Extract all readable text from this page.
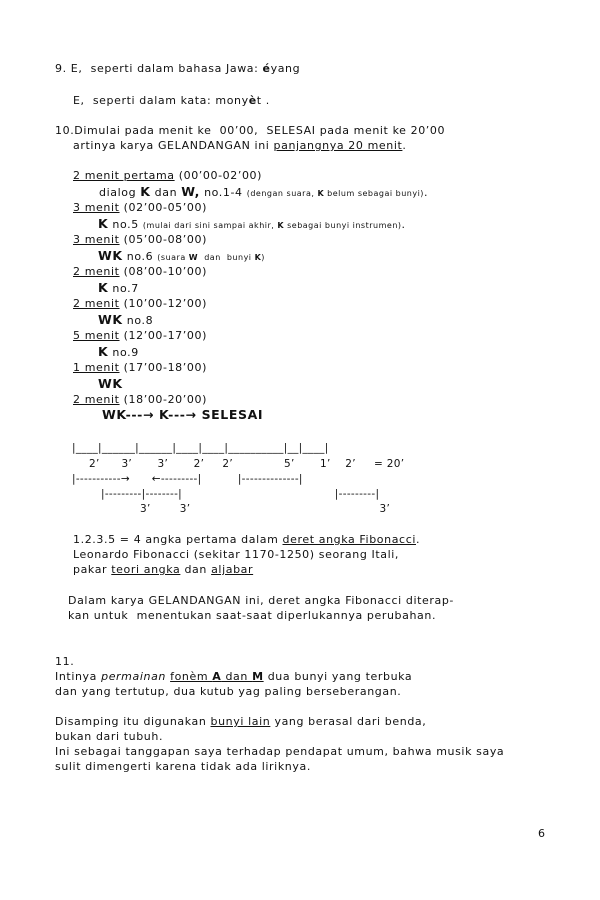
9. E,  seperti dalam bahasa Jawa: éyang
E,  seperti dalam kata: monyèt .
10.Dimulai pada menit ke  00’00,  SELESAI pada menit ke 20’00
artinya karya GELANDANGAN ini panjangnya 20 menit.
2 menit pertama (00’00-02’00)
dialog K dan W, no.1-4 (dengan suara, K belum sebagai bunyi).
3 menit (02’00-05’00)
K no.5 (mulai dari sini sampai akhir, K sebagai bunyi instrumen).
3 menit (05’00-08’00)
WK no.6 (suara W  dan  bunyi K)
2 menit (08’00-10’00)
K no.7
2 menit (10’00-12’00)
WK no.8
5 menit (12’00-17’00)
K no.9
1 menit (17’00-18’00)
WK
2 menit (18’00-20’00)
WK---→ K---→ SELESAI
|____|______|______|____|____|__________|__|____|
2’      3’       3’       2’     2’              5’       1’    2’     = 20’
|-----------→      ←---------|          |--------------|
|---------|--------|                                          |---------|
3’        3’                                                    3’
1.2.3.5 = 4 angka pertama dalam deret angka Fibonacci.
Leonardo Fibonacci (sekitar 1170-1250) seorang Itali,
pakar teori angka dan aljabar
Dalam karya GELANDANGAN ini, deret angka Fibonacci diterap-
kan untuk  menentukan saat-saat diperlukannya perubahan.
11.
Intinya permainan fonèm A dan M dua bunyi yang terbuka
dan yang tertutup, dua kutub yag paling berseberangan.
Disamping itu digunakan bunyi lain yang berasal dari benda,
bukan dari tubuh.
Ini sebagai tanggapan saya terhadap pendapat umum, bahwa musik saya
sulit dimengerti karena tidak ada liriknya.
6
